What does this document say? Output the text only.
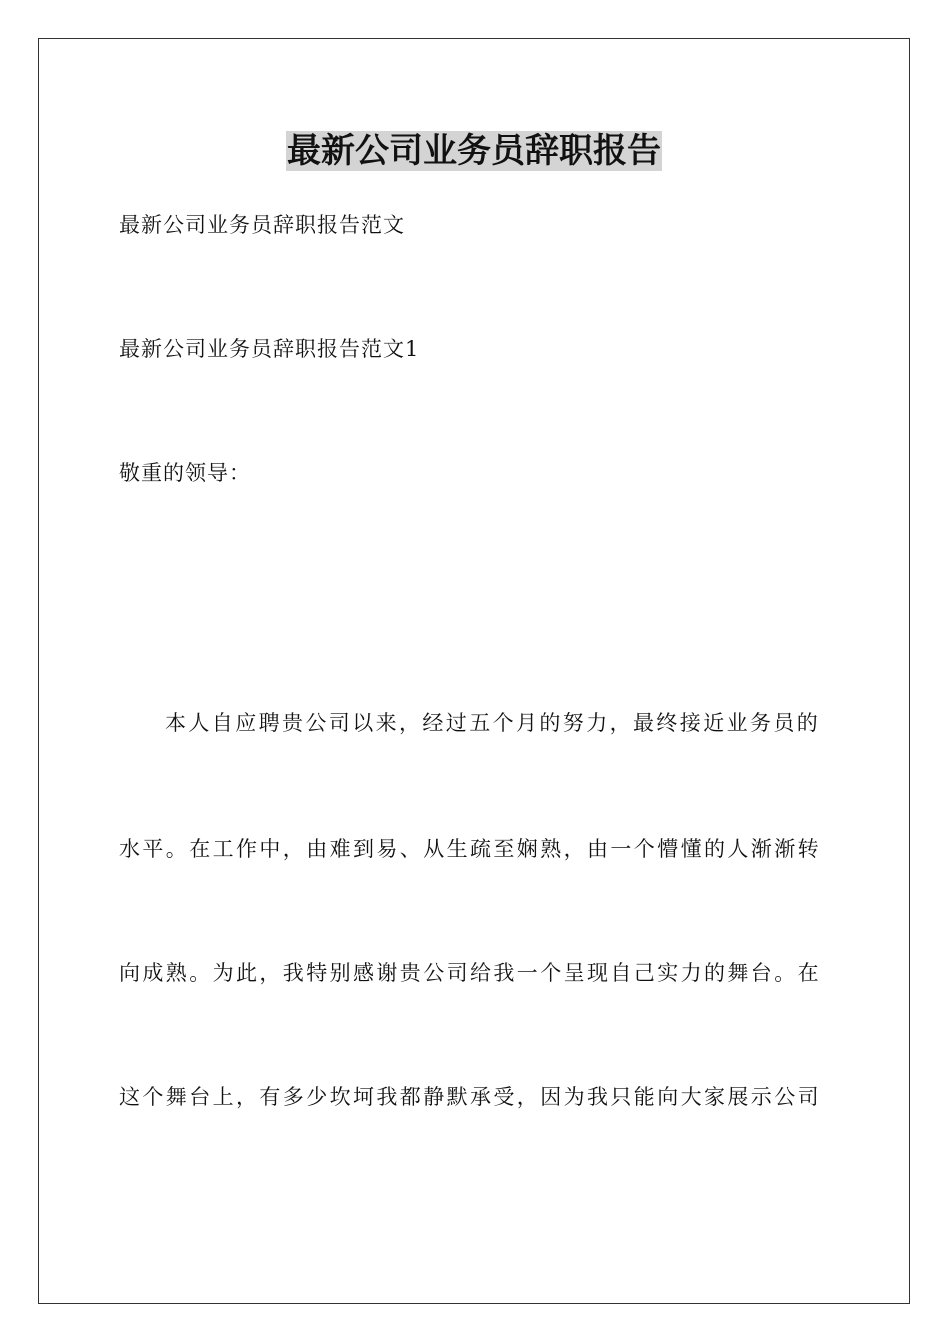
最新公司业务员辞职报告
最新公司业务员辞职报告范文
最新公司业务员辞职报告范文1
敬重的领导：
本人自应聘贵公司以来，经过五个月的努力，最终接近业务员的
水平。在工作中，由难到易、从生疏至娴熟，由一个懵懂的人渐渐转
向成熟。为此，我特别感谢贵公司给我一个呈现自己实力的舞台。在
这个舞台上，有多少坎坷我都静默承受，因为我只能向大家展示公司
